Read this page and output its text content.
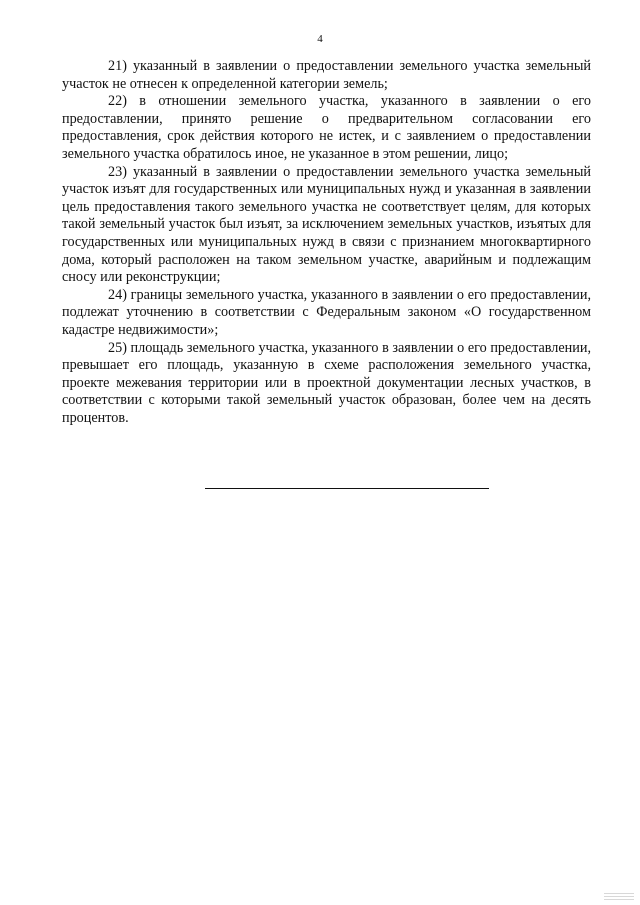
4

21) указанный в заявлении о предоставлении земельного участка земельный участок не отнесен к определенной категории земель;

22) в отношении земельного участка, указанного в заявлении о его предоставлении, принято решение о предварительном согласовании его предоставления, срок действия которого не истек, и с заявлением о предоставлении земельного участка обратилось иное, не указанное в этом решении, лицо;

23) указанный в заявлении о предоставлении земельного участка земельный участок изъят для государственных или муниципальных нужд и указанная в заявлении цель предоставления такого земельного участка не соответствует целям, для которых такой земельный участок был изъят, за исключением земельных участков, изъятых для государственных или муниципальных нужд в связи с признанием многоквартирного дома, который расположен на таком земельном участке, аварийным и подлежащим сносу или реконструкции;

24) границы земельного участка, указанного в заявлении о его предоставлении, подлежат уточнению в соответствии с Федеральным законом «О государственном кадастре недвижимости»;

25) площадь земельного участка, указанного в заявлении о его предоставлении, превышает его площадь, указанную в схеме расположения земельного участка, проекте межевания территории или в проектной документации лесных участков, в соответствии с которыми такой земельный участок образован, более чем на десять процентов.
